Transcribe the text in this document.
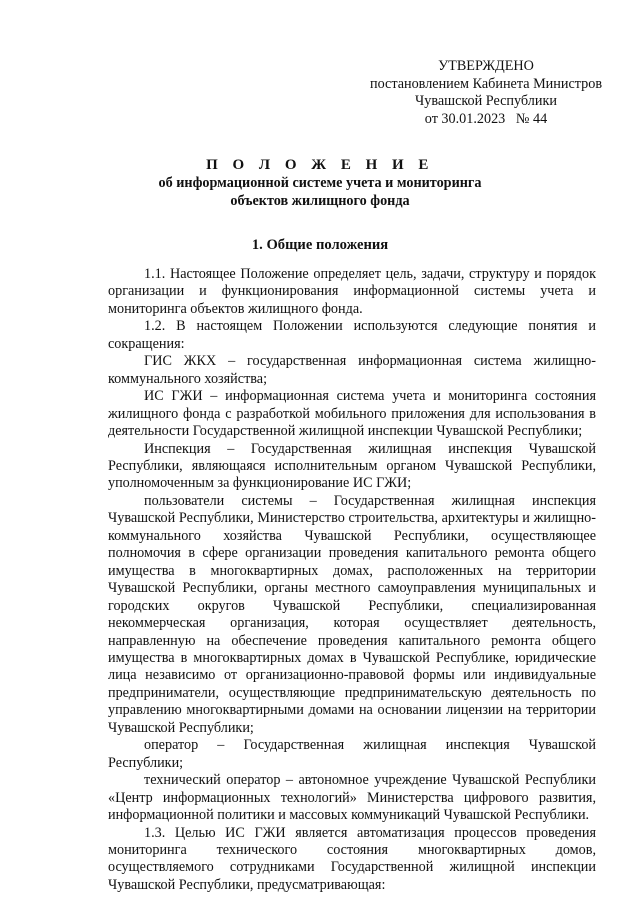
УТВЕРЖДЕНО
постановлением Кабинета Министров
Чувашской Республики
от 30.01.2023   № 44
П О Л О Ж Е Н И Е
об информационной системе учета и мониторинга
объектов жилищного фонда
1. Общие положения

1.1. Настоящее Положение определяет цель, задачи, структуру и порядок организации и функционирования информационной системы учета и мониторинга объектов жилищного фонда.

1.2. В настоящем Положении используются следующие понятия и сокращения:

ГИС ЖКХ – государственная информационная система жилищно-коммунального хозяйства;

ИС ГЖИ – информационная система учета и мониторинга состояния жилищного фонда с разработкой мобильного приложения для использования в деятельности Государственной жилищной инспекции Чувашской Республики;

Инспекция – Государственная жилищная инспекция Чувашской Республики, являющаяся исполнительным органом Чувашской Республики, уполномоченным за функционирование ИС ГЖИ;

пользователи системы – Государственная жилищная инспекция Чувашской Республики, Министерство строительства, архитектуры и жилищно-коммунального хозяйства Чувашской Республики, осуществляющее полномочия в сфере организации проведения капитального ремонта общего имущества в многоквартирных домах, расположенных на территории Чувашской Республики, органы местного самоуправления муниципальных и городских округов Чувашской Республики, специализированная некоммерческая организация, которая осуществляет деятельность, направленную на обеспечение проведения капитального ремонта общего имущества в многоквартирных домах в Чувашской Республике, юридические лица независимо от организационно-правовой формы или индивидуальные предприниматели, осуществляющие предпринимательскую деятельность по управлению многоквартирными домами на основании лицензии на территории Чувашской Республики;

оператор – Государственная жилищная инспекция Чувашской Республики;

технический оператор – автономное учреждение Чувашской Республики «Центр информационных технологий» Министерства цифрового развития, информационной политики и массовых коммуникаций Чувашской Республики.

1.3. Целью ИС ГЖИ является автоматизация процессов проведения мониторинга технического состояния многоквартирных домов, осуществляемого сотрудниками Государственной жилищной инспекции Чувашской Республики, предусматривающая:
